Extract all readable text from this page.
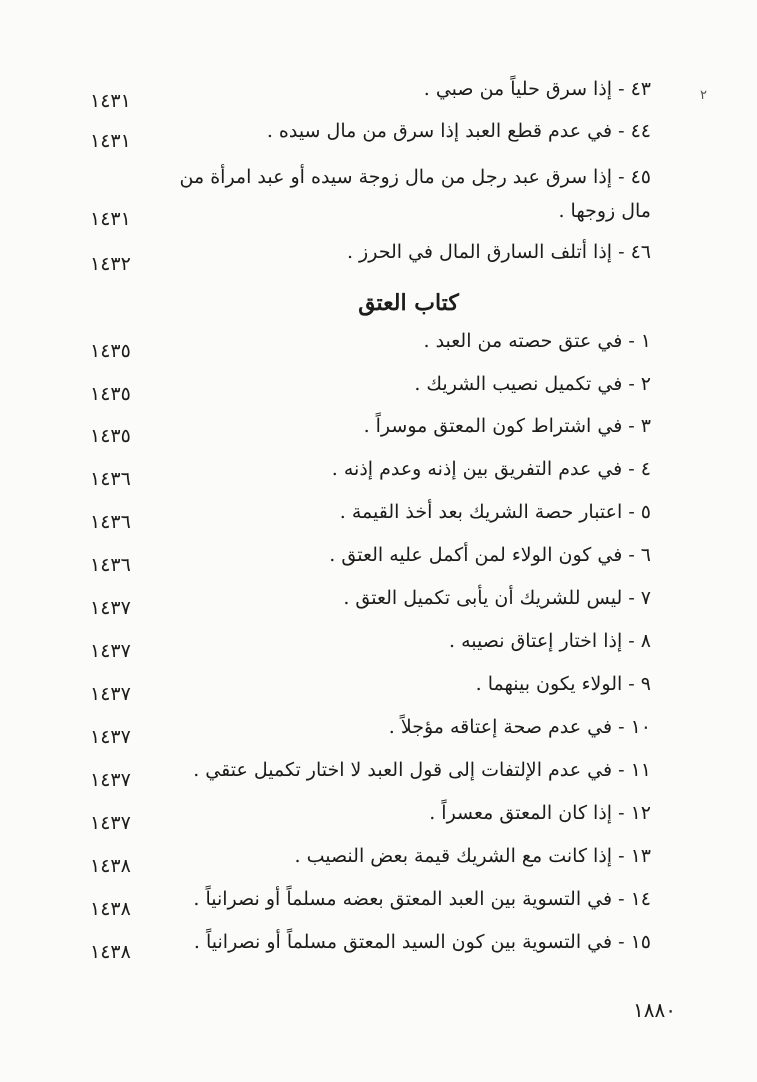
٢
٤٣ - إذا سرق حلياً من صبي .
١٤٣١
٤٤ - في عدم قطع العبد إذا سرق من مال سيده .
١٤٣١
٤٥ - إذا سرق عبد رجل من مال زوجة سيده أو عبد امرأة من مال زوجها .
١٤٣١
٤٦ - إذا أتلف السارق المال في الحرز .
١٤٣٢
كتاب العتق
١ - في عتق حصته من العبد .
١٤٣٥
٢ - في تكميل نصيب الشريك .
١٤٣٥
٣ - في اشتراط كون المعتق موسراً .
١٤٣٥
٤ - في عدم التفريق بين إذنه وعدم إذنه .
١٤٣٦
٥ - اعتبار حصة الشريك بعد أخذ القيمة .
١٤٣٦
٦ - في كون الولاء لمن أكمل عليه العتق .
١٤٣٦
٧ - ليس للشريك أن يأبى تكميل العتق .
١٤٣٧
٨ - إذا اختار إعتاق نصيبه .
١٤٣٧
٩ - الولاء يكون بينهما .
١٤٣٧
١٠ - في عدم صحة إعتاقه مؤجلاً .
١٤٣٧
١١ - في عدم الإلتفات إلى قول العبد لا اختار تكميل عتقي .
١٤٣٧
١٢ - إذا كان المعتق معسراً .
١٤٣٧
١٣ - إذا كانت مع الشريك قيمة بعض النصيب .
١٤٣٨
١٤ - في التسوية بين العبد المعتق بعضه مسلماً أو نصرانياً .
١٤٣٨
١٥ - في التسوية بين كون السيد المعتق مسلماً أو نصرانياً .
١٤٣٨
١٨٨٠
